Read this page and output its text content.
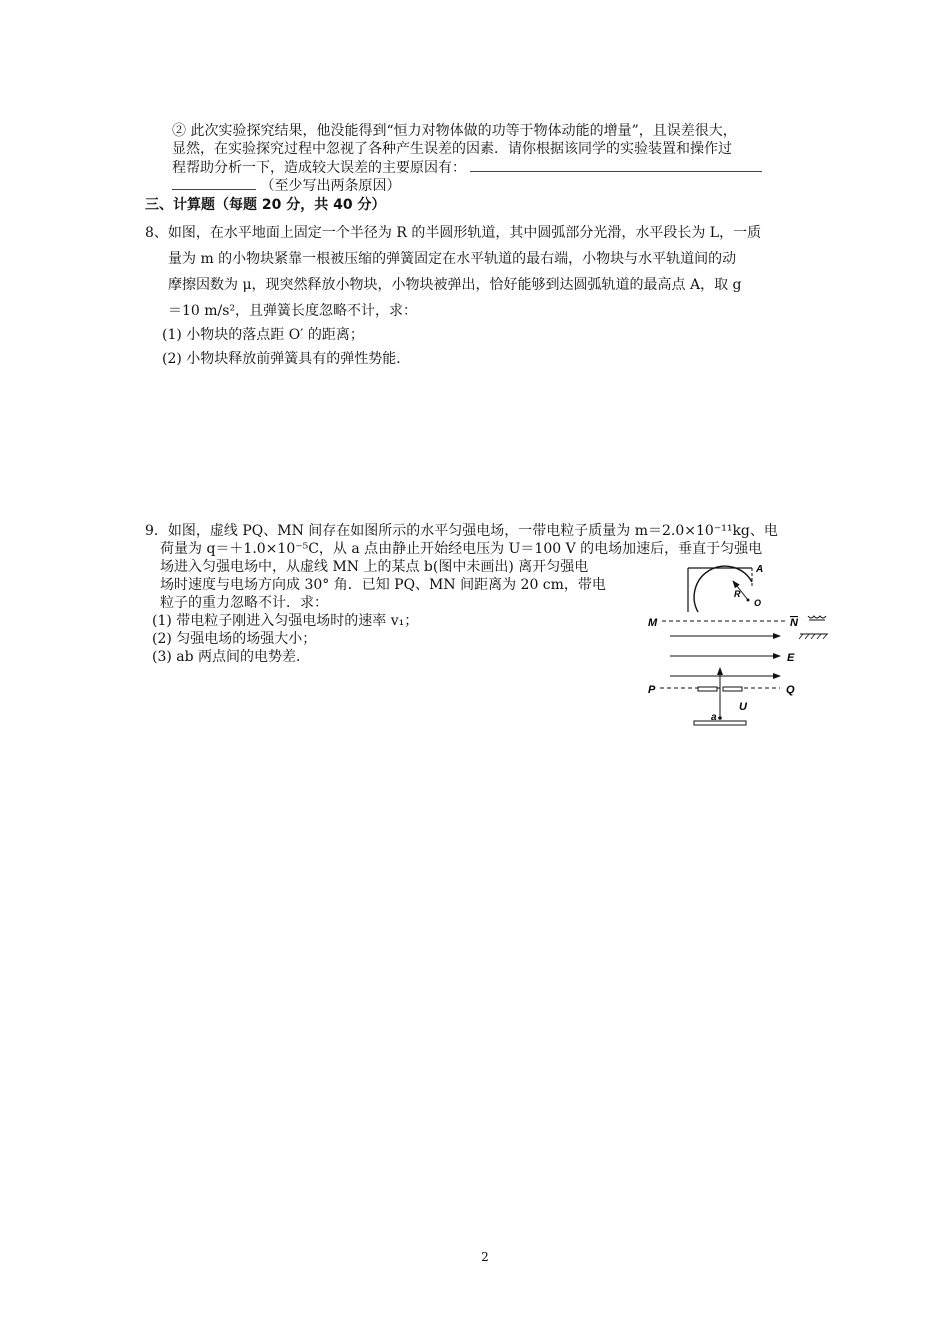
② 此次实验探究结果，他没能得到“恒力对物体做的功等于物体动能的增量”，且误差很大，
显然，在实验探究过程中忽视了各种产生误差的因素．请你根据该同学的实验装置和操作过
程帮助分析一下，造成较大误差的主要原因有：
（至少写出两条原因）
三、计算题（每题 20 分，共 40 分）
8、如图，在水平地面上固定一个半径为 R 的半圆形轨道，其中圆弧部分光滑，水平段长为 L，一质
量为 m 的小物块紧靠一根被压缩的弹簧固定在水平轨道的最右端，小物块与水平轨道间的动
摩擦因数为 μ，现突然释放小物块，小物块被弹出，恰好能够到达圆弧轨道的最高点 A，取 g
＝10 m/s²，且弹簧长度忽略不计，求：
(1) 小物块的落点距 O′ 的距离；
(2) 小物块释放前弹簧具有的弹性势能．
9．如图，虚线 PQ、MN 间存在如图所示的水平匀强电场，一带电粒子质量为 m＝2.0×10⁻¹¹kg、电
荷量为 q＝＋1.0×10⁻⁵C，从 a 点由静止开始经电压为 U＝100 V 的电场加速后，垂直于匀强电
场进入匀强电场中，从虚线 MN 上的某点 b(图中未画出) 离开匀强电
场时速度与电场方向成 30° 角．已知 PQ、MN 间距离为 20 cm，带电
粒子的重力忽略不计．求：
(1) 带电粒子刚进入匀强电场时的速率 v₁；
(2) 匀强电场的场强大小；
(3) ab 两点间的电势差．
A
R
O
M	N
E
P	Q
a
U
2
